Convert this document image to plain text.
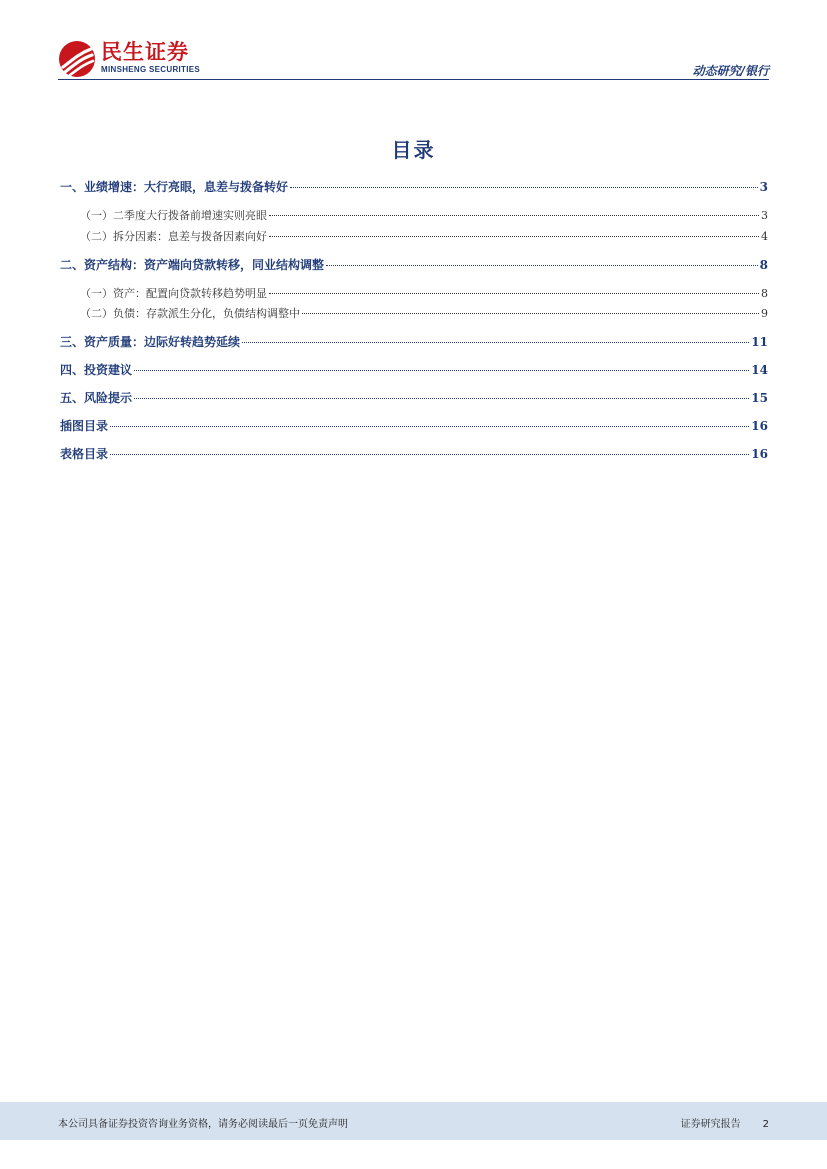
民生证券
MINSHENG SECURITIES	动态研究/银行
目录
一、业绩增速：大行亮眼，息差与拨备转好	3
（一）二季度大行拨备前增速实则亮眼	3
（二）拆分因素：息差与拨备因素向好	4
二、资产结构：资产端向贷款转移，同业结构调整	8
（一）资产：配置向贷款转移趋势明显	8
（二）负债：存款派生分化，负债结构调整中	9
三、资产质量：边际好转趋势延续	11
四、投资建议	14
五、风险提示	15
插图目录	16
表格目录	16
本公司具备证券投资咨询业务资格，请务必阅读最后一页免责声明	证券研究报告 2
